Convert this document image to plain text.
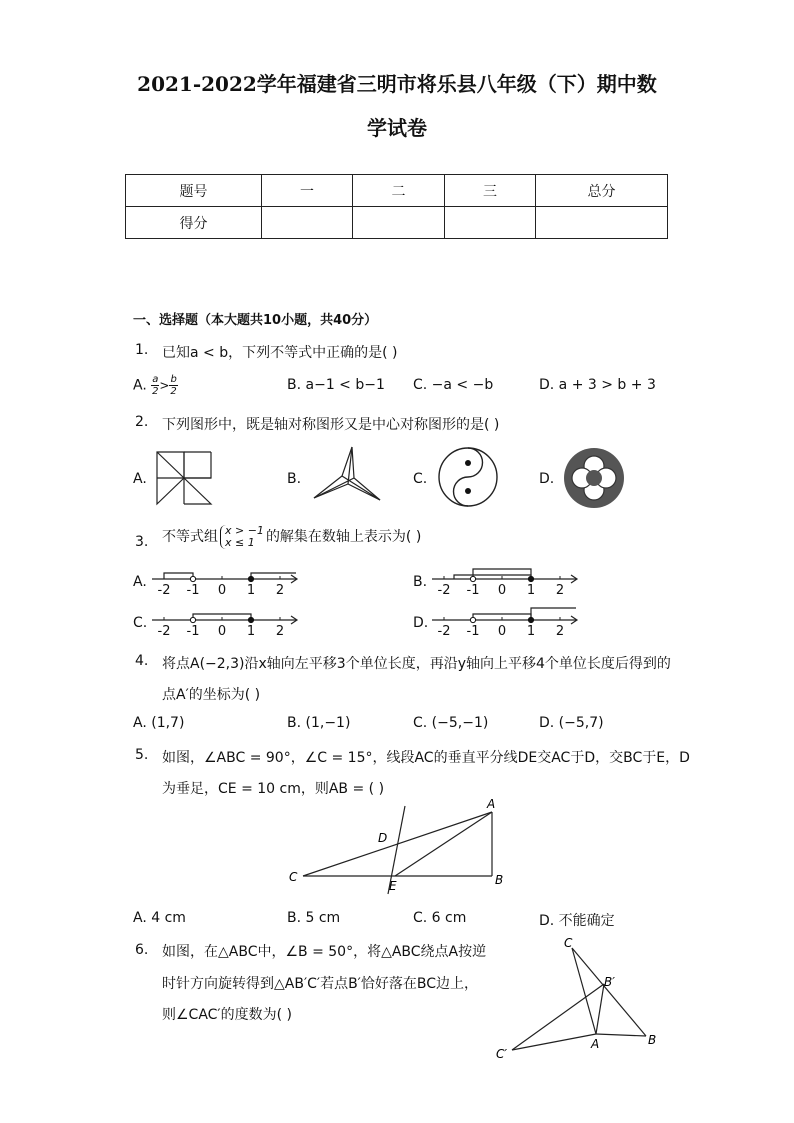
2021-2022学年福建省三明市将乐县八年级（下）期中数
学试卷
题号	一	二	三	总分
得分				
一、选择题（本大题共10小题，共40分）
1. 已知a < b，下列不等式中正确的是( )
A. $\frac{a}{2} > \frac{b}{2}$	B. a−1 < b−1 C. −a < −b	D. a + 3 > b + 3
2. 下列图形中，既是轴对称图形又是中心对称图形的是( )
A.	B.	C.	D.
3. 不等式组 x > −1
x ≤ 1 的解集在数轴上表示为( )
A.
-2 -1 0 1 2
B.
-2 -1 0 1 2
C.
-2 -1 0 1 2
D.
-2 -1 0 1 2
4. 将点A(−2,3)沿x轴向左平移3个单位长度，再沿y轴向上平移4个单位长度后得到的
点A′的坐标为( )
A. (1,7)	B. (1,−1)	C. (−5,−1)	D. (−5,7)
5. 如图，∠ABC = 90°，∠C = 15°，线段AC的垂直平分线DE交AC于D，交BC于E，D
为垂足，CE = 10 cm，则AB = ( )
A
B
C
D
E
A. 4 cm	B. 5 cm	C. 6 cm	D. 不能确定
6. 如图，在△ABC中，∠B = 50°，将△ABC绕点A按逆
时针方向旋转得到△AB′C′若点B′恰好落在BC边上，
则∠CAC′的度数为( )
C
B′
A	B
C′
